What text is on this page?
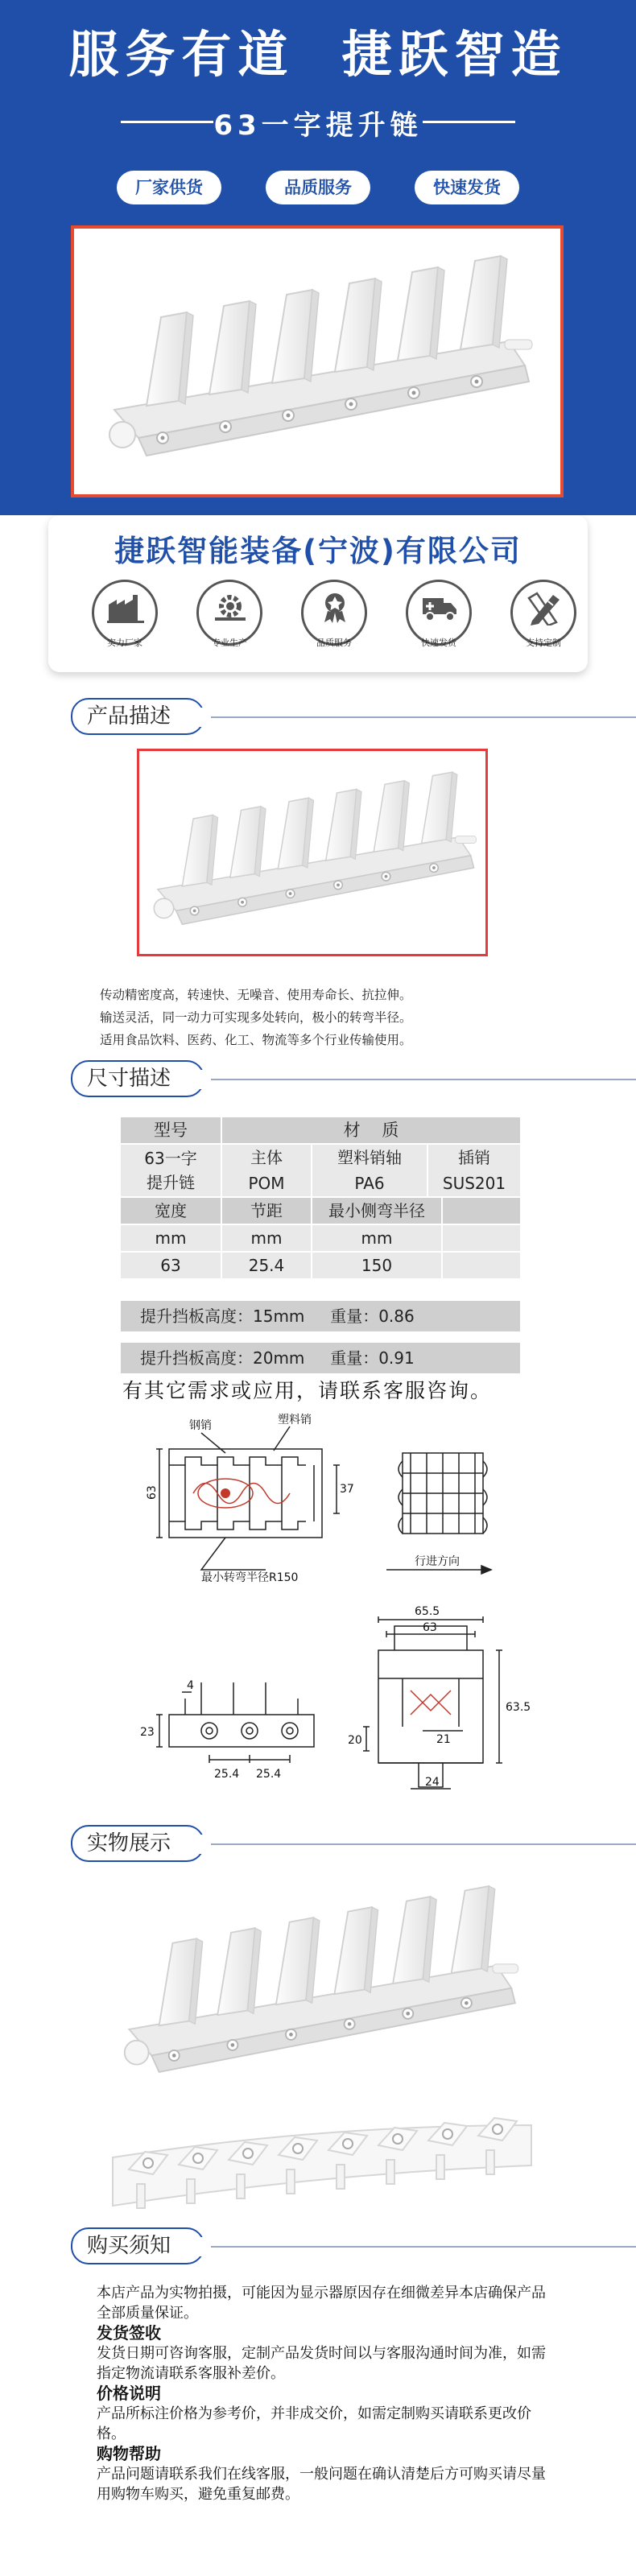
服务有道  捷跃智造
63一字提升链
厂家供货	品质服务	快速发货
捷跃智能装备(宁波)有限公司
实力厂家	专业生产	品质服务	快速发货	支持定制
产品描述
传动精密度高，转速快、无噪音、使用寿命长、抗拉伸。
输送灵活，同一动力可实现多处转向，极小的转弯半径。
适用食品饮料、医药、化工、物流等多个行业传输使用。
尺寸描述
型号	材    质
63一字
提升链
主体	塑料销轴	插销
POM	PA6	SUS201
宽度	节距	最小侧弯半径
mm	mm	mm
63	25.4	150
提升挡板高度：15mm     重量：0.86
提升挡板高度：20mm     重量：0.91
有其它需求或应用，请联系客服咨询。
钢销	塑料销
63	37
最小转弯半径R150
行进方向
65.5
63
4
23
25.4 25.4
20	21
24
63.5
实物展示
购买须知
本店产品为实物拍摄，可能因为显示器原因存在细微差异本店确保产品全部质量保证。
发货签收
发货日期可咨询客服，定制产品发货时间以与客服沟通时间为准，如需指定物流请联系客服补差价。
价格说明
产品所标注价格为参考价，并非成交价，如需定制购买请联系更改价格。
购物帮助
产品问题请联系我们在线客服，一般问题在确认清楚后方可购买请尽量用购物车购买，避免重复邮费。
